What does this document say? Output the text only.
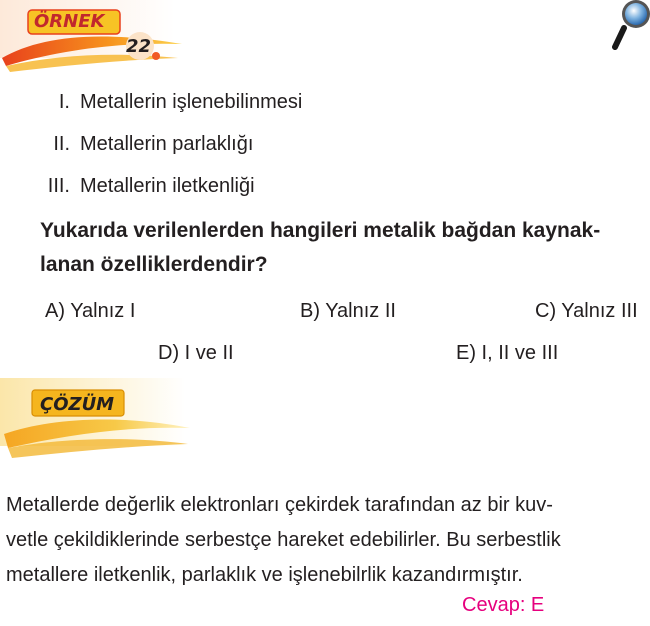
ÖRNEK
22
I. Metallerin işlenebilinmesi
II. Metallerin parlaklığı
III. Metallerin iletkenliği
Yukarıda verilenlerden hangileri metalik bağdan kaynak-
lanan özelliklerdendir?
A) Yalnız I	B) Yalnız II	C) Yalnız III
D) I ve II	E) I, II ve III
ÇÖZÜM
Metallerde değerlik elektronları çekirdek tarafından az bir kuv-
vetle çekildiklerinde serbestçe hareket edebilirler. Bu serbestlik
metallere iletkenlik, parlaklık ve işlenebilrlik kazandırmıştır.
Cevap: E
